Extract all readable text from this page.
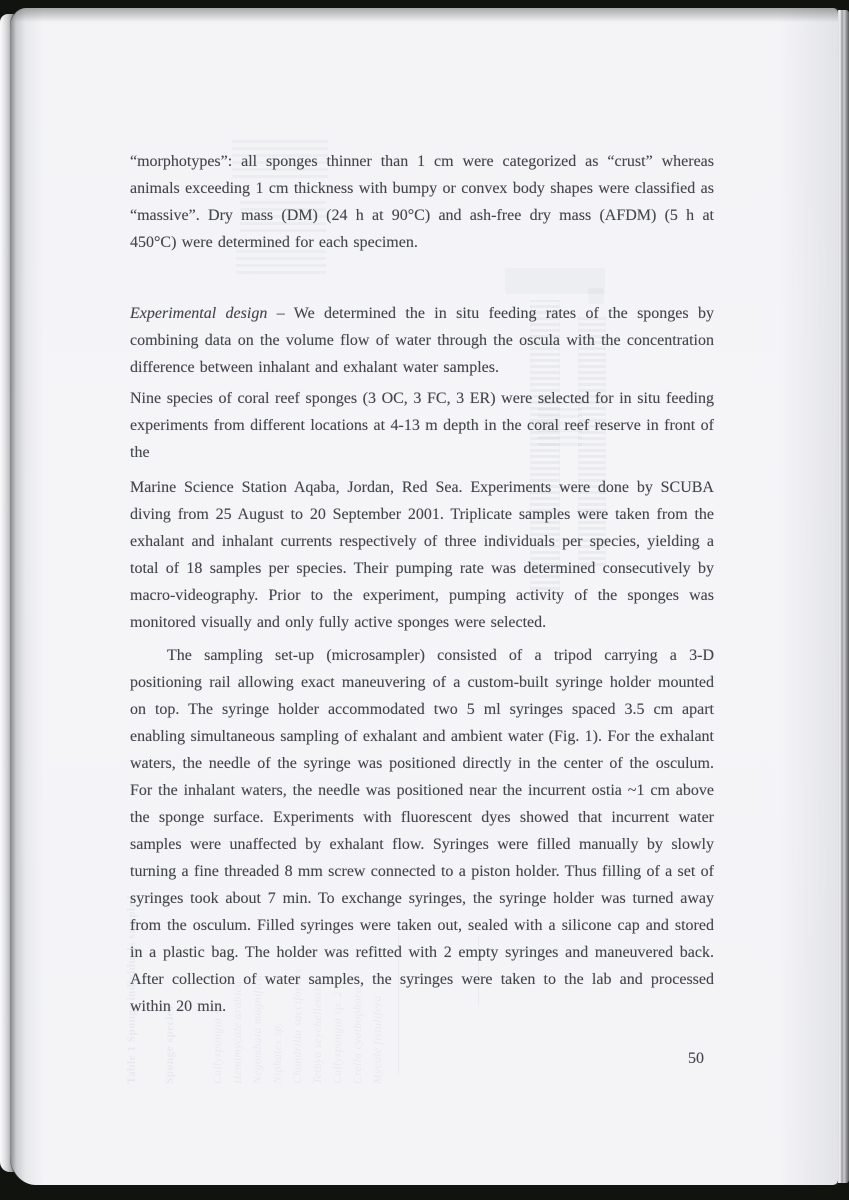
“morphotypes”: all sponges thinner than 1 cm were categorized as “crust” whereas animals exceeding 1 cm thickness with bumpy or convex body shapes were classified as “massive”. Dry mass (DM) (24 h at 90°C) and ash-free dry mass (AFDM) (5 h at 450°C) were determined for each specimen.

Experimental design – We determined the in situ feeding rates of the sponges by combining data on the volume flow of water through the oscula with the concentration difference between inhalant and exhalant water samples.

Nine species of coral reef sponges (3 OC, 3 FC, 3 ER) were selected for in situ feeding experiments from different locations at 4-13 m depth in the coral reef reserve in front of the

Marine Science Station Aqaba, Jordan, Red Sea. Experiments were done by SCUBA diving from 25 August to 20 September 2001. Triplicate samples were taken from the exhalant and inhalant currents respectively of three individuals per species, yielding a total of 18 samples per species. Their pumping rate was determined consecutively by macro-videography. Prior to the experiment, pumping activity of the sponges was monitored visually and only fully active sponges were selected.

The sampling set-up (microsampler) consisted of a tripod carrying a 3-D positioning rail allowing exact maneuvering of a custom-built syringe holder mounted on top. The syringe holder accommodated two 5 ml syringes spaced 3.5 cm apart enabling simultaneous sampling of exhalant and ambient water (Fig. 1). For the exhalant waters, the needle of the syringe was positioned directly in the center of the osculum. For the inhalant waters, the needle was positioned near the incurrent ostia ~1 cm above the sponge surface. Experiments with fluorescent dyes showed that incurrent water samples were unaffected by exhalant flow. Syringes were filled manually by slowly turning a fine threaded 8 mm screw connected to a piston holder. Thus filling of a set of syringes took about 7 min. To exchange syringes, the syringe holder was turned away from the osculum. Filled syringes were taken out, sealed with a silicone cap and stored in a plastic bag. The holder was refitted with 2 empty syringes and maneuvered back. After collection of water samples, the syringes were taken to the lab and processed within 20 min.

50
